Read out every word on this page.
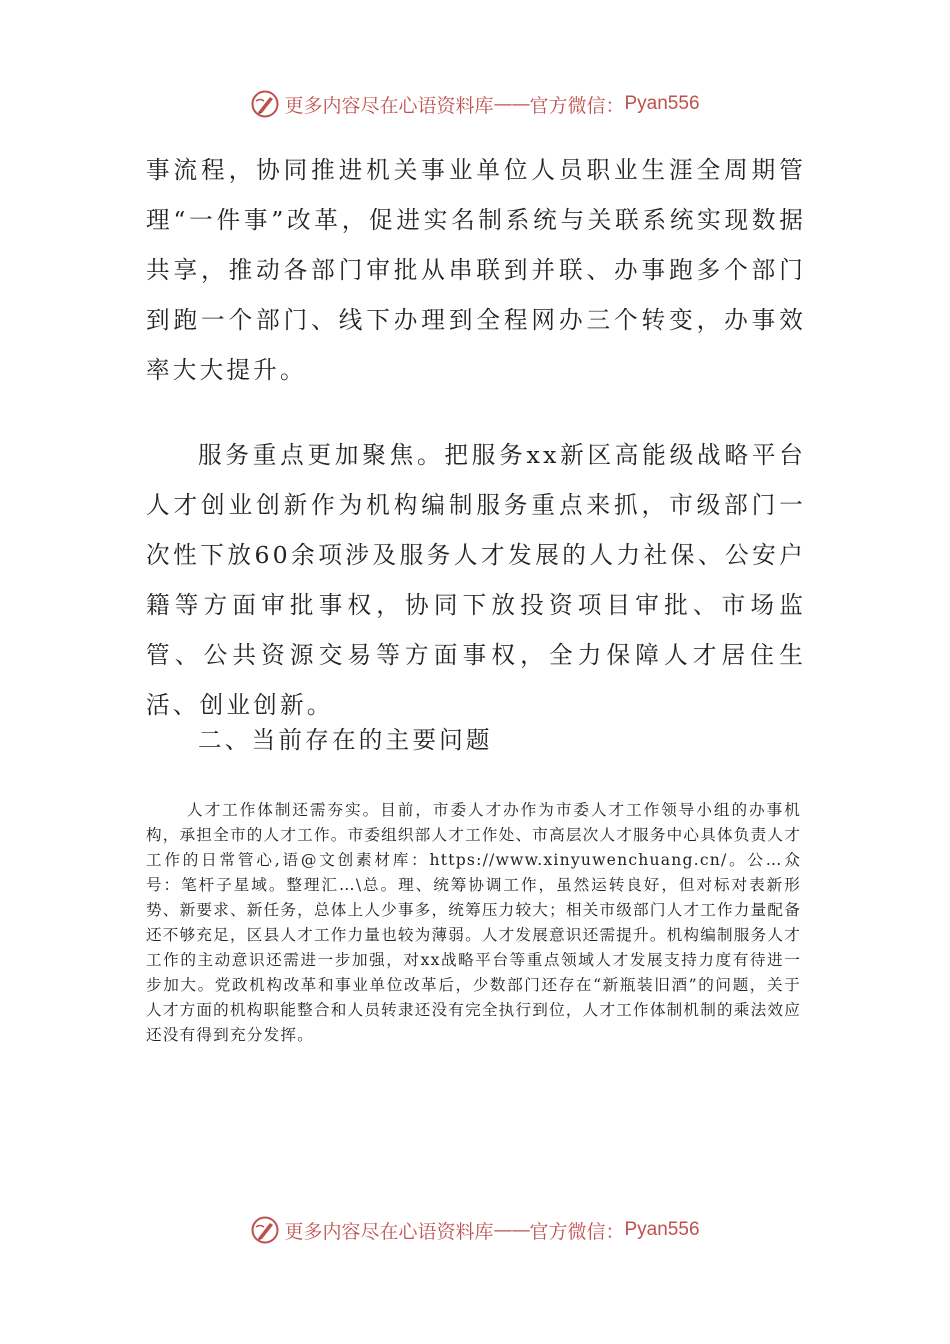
更多内容尽在心语资料库 —— 官方微信： Pyan556

事流程，协同推进机关事业单位人员职业生涯全周期管理“一件事”改革，促进实名制系统与关联系统实现数据共享，推动各部门审批从串联到并联、办事跑多个部门到跑一个部门、线下办理到全程网办三个转变，办事效率大大提升。

服务重点更加聚焦。把服务xx新区高能级战略平台人才创业创新作为机构编制服务重点来抓，市级部门一次性下放60余项涉及服务人才发展的人力社保、公安户籍等方面审批事权，协同下放投资项目审批、市场监管、公共资源交易等方面事权，全力保障人才居住生活、创业创新。

二、当前存在的主要问题

人才工作体制还需夯实。目前，市委人才办作为市委人才工作领导小组的办事机构，承担全市的人才工作。市委组织部人才工作处、市高层次人才服务中心具体负责人才工作的日常管心,语@文创素材库：https://www.xinyuwenchuang.cn/。公…众号：笔杆子星域。整理汇…\总。理、统筹协调工作，虽然运转良好，但对标对表新形势、新要求、新任务，总体上人少事多，统筹压力较大；相关市级部门人才工作力量配备还不够充足，区县人才工作力量也较为薄弱。人才发展意识还需提升。机构编制服务人才工作的主动意识还需进一步加强，对xx战略平台等重点领域人才发展支持力度有待进一步加大。党政机构改革和事业单位改革后，少数部门还存在“新瓶装旧酒”的问题，关于人才方面的机构职能整合和人员转隶还没有完全执行到位，人才工作体制机制的乘法效应还没有得到充分发挥。

更多内容尽在心语资料库 —— 官方微信： Pyan556
